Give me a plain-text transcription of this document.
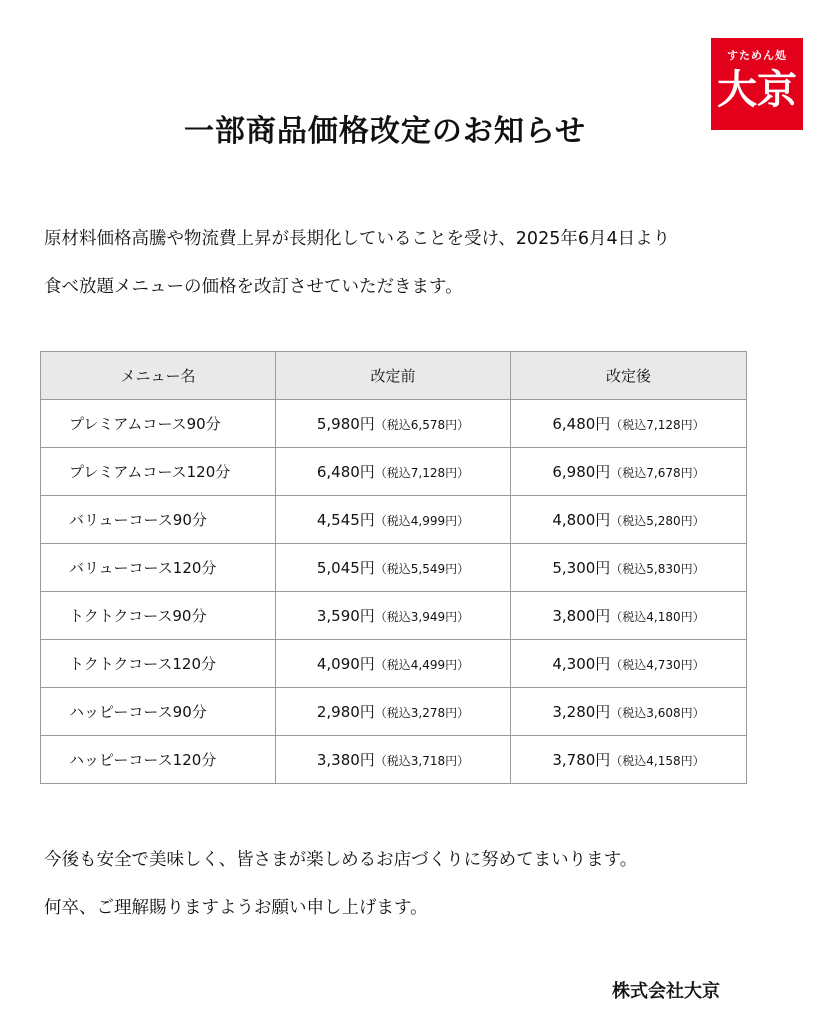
一部商品価格改定のお知らせ
すためん処
大京

原材料価格高騰や物流費上昇が長期化していることを受け、2025年6月4日より

食べ放題メニューの価格を改訂させていただきます。

メニュー名	改定前	改定後
プレミアムコース90分	5,980円（税込6,578円）	6,480円（税込7,128円）
プレミアムコース120分	6,480円（税込7,128円）	6,980円（税込7,678円）
バリューコース90分	4,545円（税込4,999円）	4,800円（税込5,280円）
バリューコース120分	5,045円（税込5,549円）	5,300円（税込5,830円）
トクトクコース90分	3,590円（税込3,949円）	3,800円（税込4,180円）
トクトクコース120分	4,090円（税込4,499円）	4,300円（税込4,730円）
ハッピーコース90分	2,980円（税込3,278円）	3,280円（税込3,608円）
ハッピーコース120分	3,380円（税込3,718円）	3,780円（税込4,158円）

今後も安全で美味しく、皆さまが楽しめるお店づくりに努めてまいります。

何卒、ご理解賜りますようお願い申し上げます。

株式会社大京
